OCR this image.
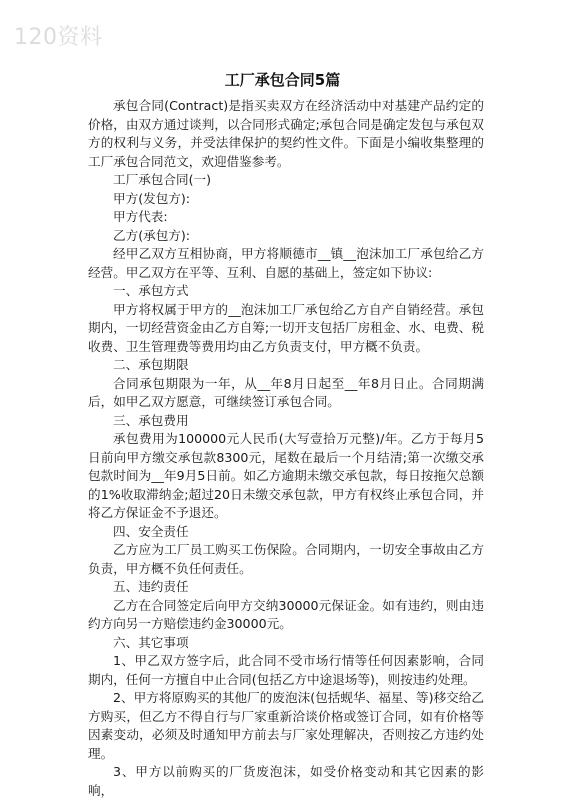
120资料
工厂承包合同5篇

承包合同(Contract)是指买卖双方在经济活动中对基建产品约定的价格，由双方通过谈判，以合同形式确定;承包合同是确定发包与承包双方的权利与义务，并受法律保护的契约性文件。下面是小编收集整理的工厂承包合同范文，欢迎借鉴参考。

工厂承包合同(一)

甲方(发包方):

甲方代表:

乙方(承包方):

经甲乙双方互相协商，甲方将顺德市__镇__泡沫加工厂承包给乙方经营。甲乙双方在平等、互利、自愿的基础上，签定如下协议:

一、承包方式

甲方将权属于甲方的__泡沫加工厂承包给乙方自产自销经营。承包期内，一切经营资金由乙方自筹;一切开支包括厂房租金、水、电费、税收费、卫生管理费等费用均由乙方负责支付，甲方概不负责。

二、承包期限

合同承包期限为一年，从__年8月日起至__年8月日止。合同期满后，如甲乙双方愿意，可继续签订承包合同。

三、承包费用

承包费用为100000元人民币(大写壹拾万元整)/年。乙方于每月5日前向甲方缴交承包款8300元，尾数在最后一个月结清;第一次缴交承包款时间为__年9月5日前。如乙方逾期未缴交承包款，每日按拖欠总额的1%收取滞纳金;超过20日未缴交承包款，甲方有权终止承包合同，并将乙方保证金不予退还。

四、安全责任

乙方应为工厂员工购买工伤保险。合同期内，一切安全事故由乙方负责，甲方概不负任何责任。

五、违约责任

乙方在合同签定后向甲方交纳30000元保证金。如有违约，则由违约方向另一方赔偿违约金30000元。

六、其它事项

1、甲乙双方签字后，此合同不受市场行情等任何因素影响，合同期内，任何一方擅自中止合同(包括乙方中途退场等)，则按违约处理。

2、甲方将原购买的其他厂的废泡沫(包括蚬华、福星、等)移交给乙方购买，但乙方不得自行与厂家重新洽谈价格或签订合同，如有价格等因素变动，必须及时通知甲方前去与厂家处理解决，否则按乙方违约处理。

3、甲方以前购买的厂货废泡沫，如受价格变动和其它因素的影响，
